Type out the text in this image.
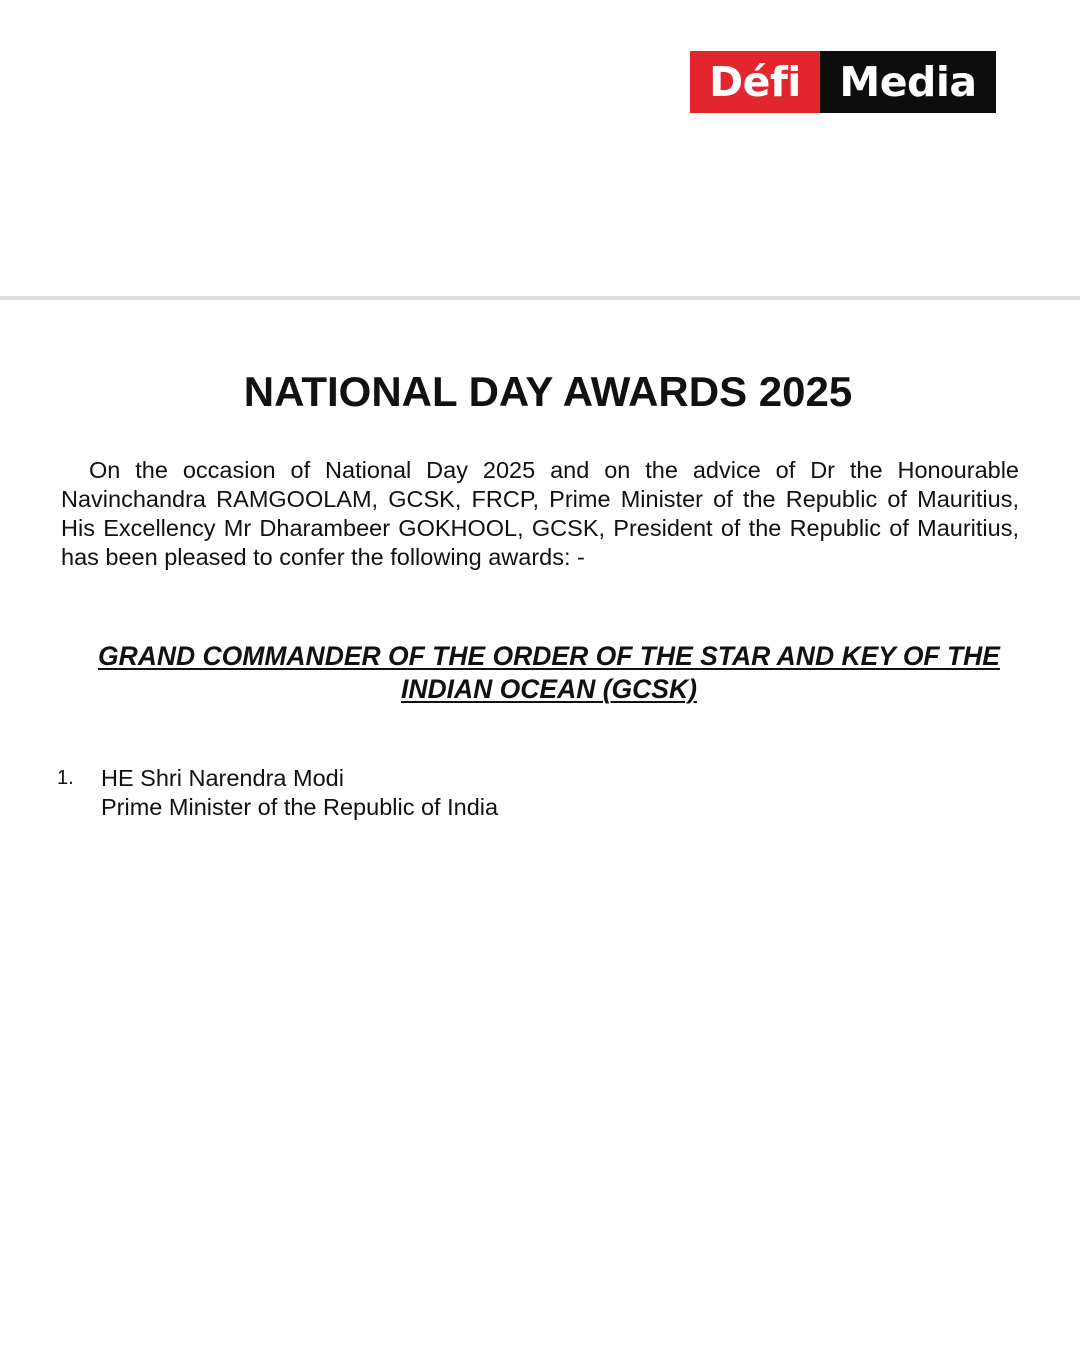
Défi Media
NATIONAL DAY AWARDS 2025

On the occasion of National Day 2025 and on the advice of Dr the Honourable Navinchandra RAMGOOLAM, GCSK, FRCP, Prime Minister of the Republic of Mauritius, His Excellency Mr Dharambeer GOKHOOL, GCSK, President of the Republic of Mauritius, has been pleased to confer the following awards: -

GRAND COMMANDER OF THE ORDER OF THE STAR AND KEY OF THE INDIAN OCEAN (GCSK)
1.	HE Shri Narendra Modi
Prime Minister of the Republic of India
